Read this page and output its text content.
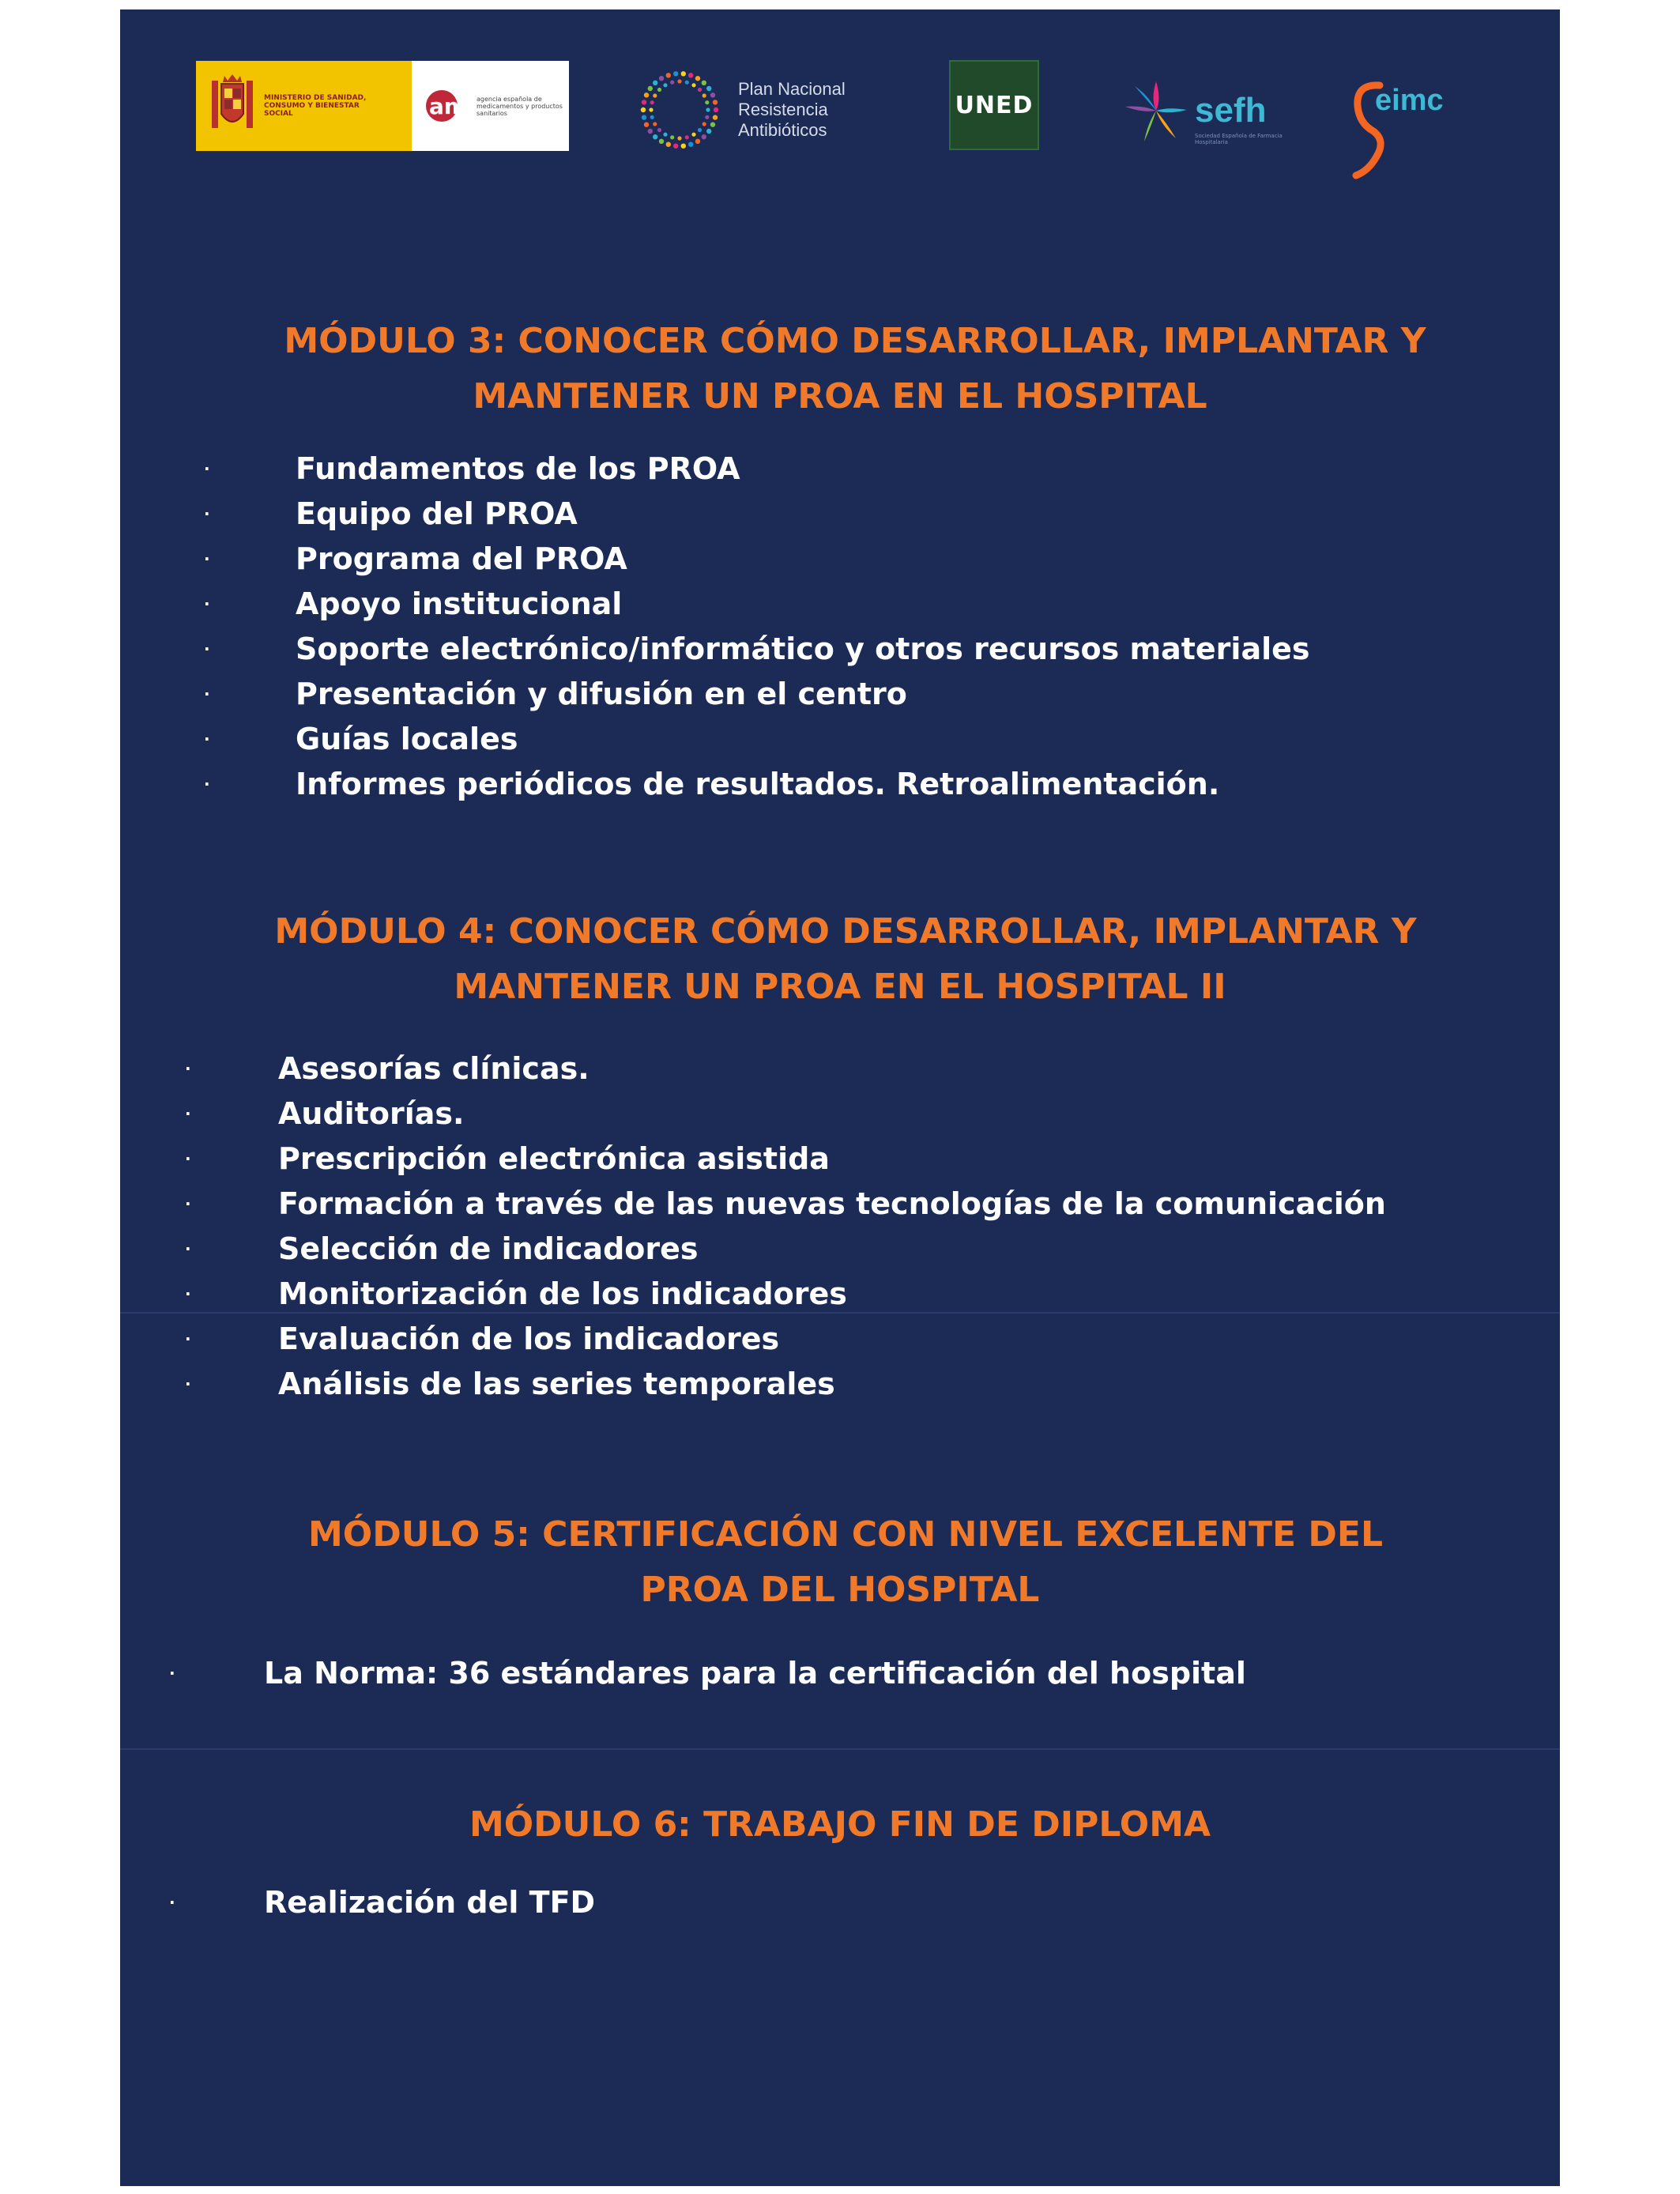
MINISTERIO DE SANIDAD, CONSUMO Y BIENESTAR SOCIAL	am agencia española de medicamentos y productos sanitarios
Plan Nacional
Resistencia
Antibióticos
UNED	sefh
Sociedad Española de Farmacia Hospitalaria
eimc
MÓDULO 3: CONOCER CÓMO DESARROLLAR, IMPLANTAR Y
MANTENER UN PROA EN EL HOSPITAL
·	Fundamentos de los PROA
·	Equipo del PROA
·	Programa del PROA
·	Apoyo institucional
·	Soporte electrónico/informático y otros recursos materiales
·	Presentación y difusión en el centro
·	Guías locales
·	Informes periódicos de resultados. Retroalimentación.
MÓDULO 4: CONOCER CÓMO DESARROLLAR, IMPLANTAR Y
MANTENER UN PROA EN EL HOSPITAL II
·	Asesorías clínicas.
·	Auditorías.
·	Prescripción electrónica asistida
·	Formación a través de las nuevas tecnologías de la comunicación
·	Selección de indicadores
·	Monitorización de los indicadores
·	Evaluación de los indicadores
·	Análisis de las series temporales
MÓDULO 5: CERTIFICACIÓN CON NIVEL EXCELENTE DEL
PROA DEL HOSPITAL
·	La Norma: 36 estándares para la certificación del hospital
MÓDULO 6: TRABAJO FIN DE DIPLOMA
·	Realización del TFD
